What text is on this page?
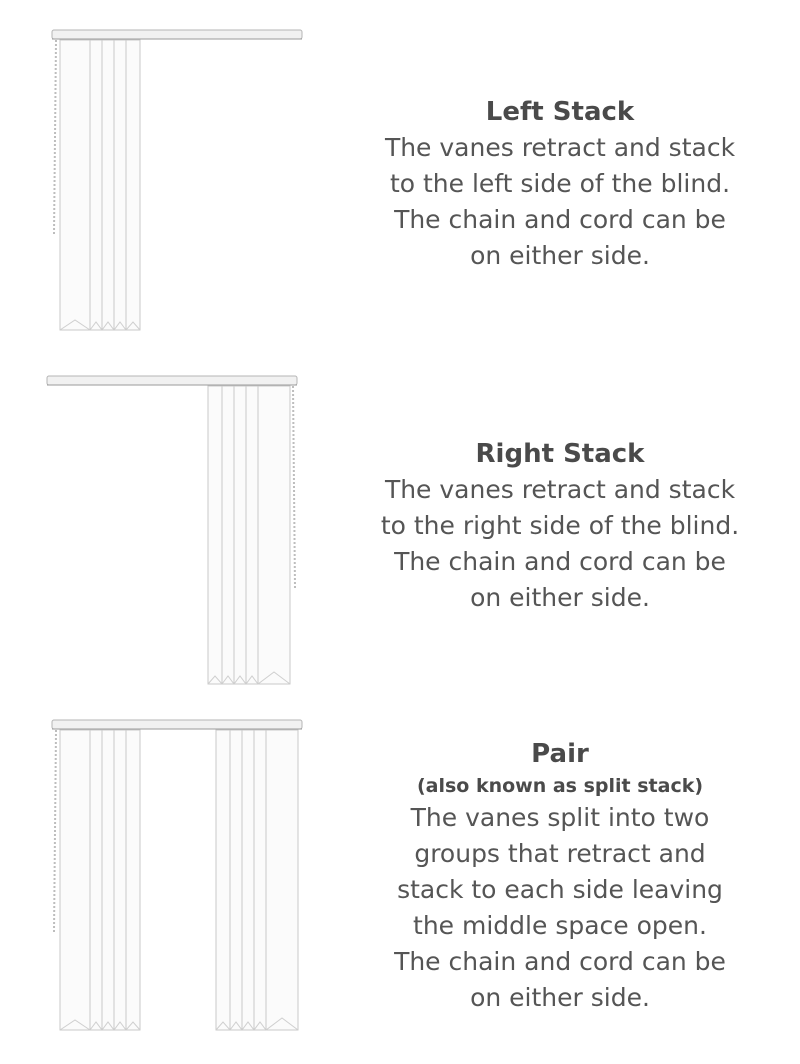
Left Stack
The vanes retract and stack
to the left side of the blind.
The chain and cord can be
on either side.
Right Stack
The vanes retract and stack
to the right side of the blind.
The chain and cord can be
on either side.
Pair
(also known as split stack)
The vanes split into two
groups that retract and
stack to each side leaving
the middle space open.
The chain and cord can be
on either side.
